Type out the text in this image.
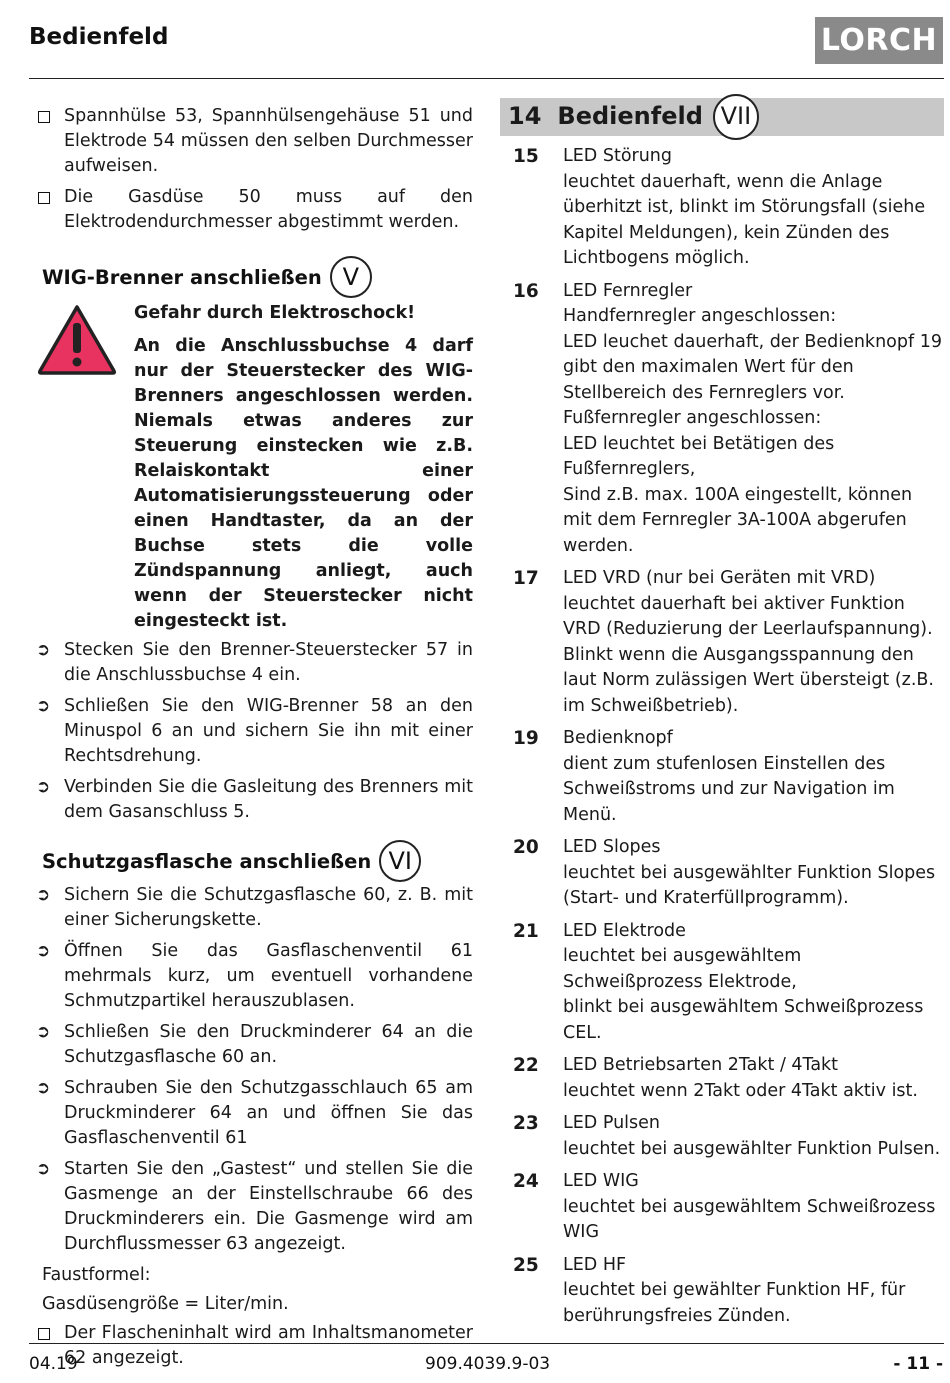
Bedienfeld	LORCH
Spannhülse 53, Spannhülsengehäuse 51 und Elektrode 54 müssen den selben Durchmesser aufweisen.
Die Gasdüse 50 muss auf den Elektrodendurchmesser abgestimmt werden.
WIG-Brenner anschließen V
Gefahr durch Elektroschock!
An die Anschlussbuchse 4 darf nur der Steuerstecker des WIG-Brenners angeschlossen werden. Niemals etwas anderes zur Steuerung einstecken wie z.B. Relaiskontakt einer Automatisierungssteuerung oder einen Handtaster, da an der Buchse stets die volle Zündspannung anliegt, auch wenn der Steuerstecker nicht eingesteckt ist.
➲ Stecken Sie den Brenner-Steuerstecker 57 in die Anschlussbuchse 4 ein.
➲ Schließen Sie den WIG-Brenner 58 an den Minuspol 6 an und sichern Sie ihn mit einer Rechtsdrehung.
➲ Verbinden Sie die Gasleitung des Brenners mit dem Gasanschluss 5.
Schutzgasflasche anschließen VI
➲ Sichern Sie die Schutzgasflasche 60, z. B. mit einer Sicherungskette.
➲ Öffnen Sie das Gasflaschenventil 61 mehrmals kurz, um eventuell vorhandene Schmutzpartikel herauszublasen.
➲ Schließen Sie den Druckminderer 64 an die Schutzgasflasche 60 an.
➲ Schrauben Sie den Schutzgasschlauch 65 am Druckminderer 64 an und öffnen Sie das Gasflaschenventil 61
➲ Starten Sie den „Gastest“ und stellen Sie die Gasmenge an der Einstellschraube 66 des Druckminderers ein. Die Gasmenge wird am Durchflussmesser 63 angezeigt.
Faustformel:
Gasdüsengröße = Liter/min.
Der Flascheninhalt wird am Inhaltsmanometer 62 angezeigt.
14 Bedienfeld VII
15 LED Störung
leuchtet dauerhaft, wenn die Anlage überhitzt ist, blinkt im Störungsfall (siehe Kapitel Meldungen), kein Zünden des Lichtbogens möglich.
16 LED Fernregler
Handfernregler angeschlossen:
LED leuchet dauerhaft, der Bedienknopf 19 gibt den maximalen Wert für den Stellbereich des Fernreglers vor.
Fußfernregler angeschlossen:
LED leuchtet bei Betätigen des Fußfernreglers,
Sind z.B. max. 100A eingestellt, können mit dem Fernregler 3A-100A abgerufen werden.
17 LED VRD (nur bei Geräten mit VRD)
leuchtet dauerhaft bei aktiver Funktion VRD (Reduzierung der Leerlaufspannung). Blinkt wenn die Ausgangsspannung den laut Norm zulässigen Wert übersteigt (z.B. im Schweißbetrieb).
19 Bedienknopf
dient zum stufenlosen Einstellen des Schweißstroms und zur Navigation im Menü.
20 LED Slopes
leuchtet bei ausgewählter Funktion Slopes (Start- und Kraterfüllprogramm).
21 LED Elektrode
leuchtet bei ausgewähltem Schweißprozess Elektrode,
blinkt bei ausgewähltem Schweißprozess CEL.
22 LED Betriebsarten 2Takt / 4Takt
leuchtet wenn 2Takt oder 4Takt aktiv ist.
23 LED Pulsen
leuchtet bei ausgewählter Funktion Pulsen.
24 LED WIG
leuchtet bei ausgewähltem Schweißrozess WIG
25 LED HF
leuchtet bei gewählter Funktion HF, für berührungsfreies Zünden.
04.19	909.4039.9-03	- 11 -
